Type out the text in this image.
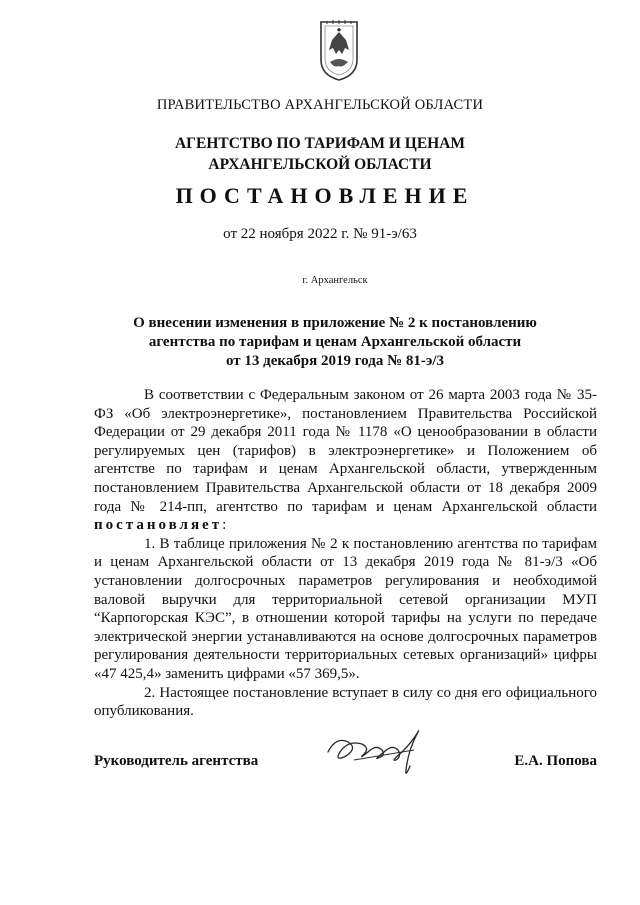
ПРАВИТЕЛЬСТВО АРХАНГЕЛЬСКОЙ ОБЛАСТИ
АГЕНТСТВО ПО ТАРИФАМ И ЦЕНАМ
АРХАНГЕЛЬСКОЙ ОБЛАСТИ
ПОСТАНОВЛЕНИЕ
от 22 ноября 2022 г. № 91-э/63
г. Архангельск
О внесении изменения в приложение № 2 к постановлению
агентства по тарифам и ценам Архангельской области
от 13 декабря 2019 года № 81-э/3

В соответствии с Федеральным законом от 26 марта 2003 года № 35-ФЗ «Об электроэнергетике», постановлением Правительства Российской Федерации от 29 декабря 2011 года № 1178 «О ценообразовании в области регулируемых цен (тарифов) в электроэнергетике» и Положением об агентстве по тарифам и ценам Архангельской области, утвержденным постановлением Правительства Архангельской области от 18 декабря 2009 года № 214-пп, агентство по тарифам и ценам Архангельской области постановляет:

1. В таблице приложения № 2 к постановлению агентства по тарифам и ценам Архангельской области от 13 декабря 2019 года № 81-э/3 «Об установлении долгосрочных параметров регулирования и необходимой валовой выручки для территориальной сетевой организации МУП “Карпогорская КЭС”, в отношении которой тарифы на услуги по передаче электрической энергии устанавливаются на основе долгосрочных параметров регулирования деятельности территориальных сетевых организаций» цифры «47 425,4» заменить цифрами «57 369,5».

2. Настоящее постановление вступает в силу со дня его официального опубликования.

Руководитель агентства	Е.А. Попова
